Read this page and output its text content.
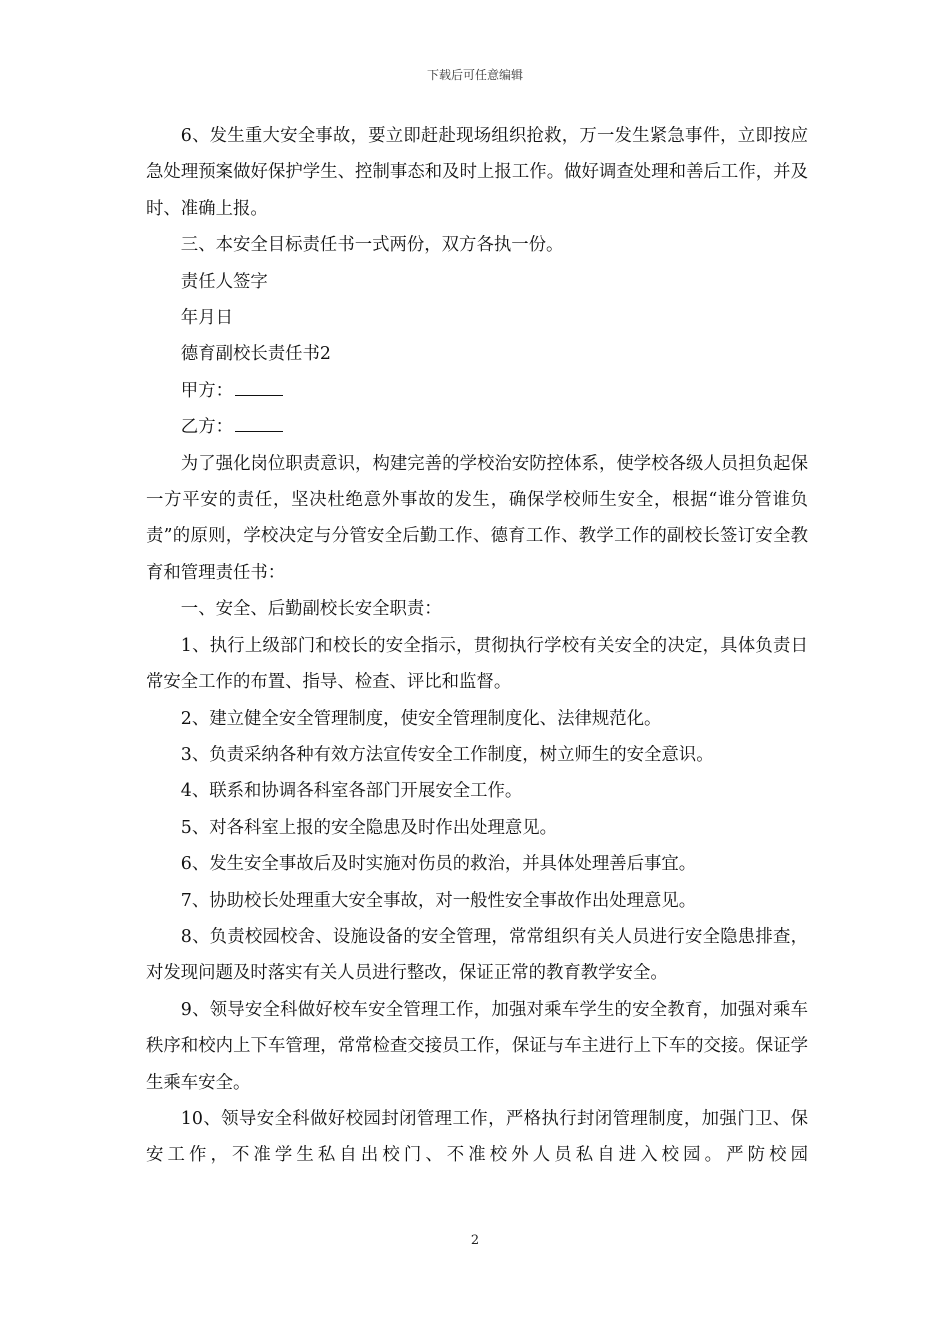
下载后可任意编辑

6、发生重大安全事故，要立即赶赴现场组织抢救，万一发生紧急事件，立即按应急处理预案做好保护学生、控制事态和及时上报工作。做好调查处理和善后工作，并及时、准确上报。

三、本安全目标责任书一式两份，双方各执一份。

责任人签字

年月日

德育副校长责任书2

甲方：

乙方：

为了强化岗位职责意识，构建完善的学校治安防控体系，使学校各级人员担负起保一方平安的责任，坚决杜绝意外事故的发生，确保学校师生安全，根据“谁分管谁负责”的原则，学校决定与分管安全后勤工作、德育工作、教学工作的副校长签订安全教育和管理责任书：

一、安全、后勤副校长安全职责：

1、执行上级部门和校长的安全指示，贯彻执行学校有关安全的决定，具体负责日常安全工作的布置、指导、检查、评比和监督。

2、建立健全安全管理制度，使安全管理制度化、法律规范化。

3、负责采纳各种有效方法宣传安全工作制度，树立师生的安全意识。

4、联系和协调各科室各部门开展安全工作。

5、对各科室上报的安全隐患及时作出处理意见。

6、发生安全事故后及时实施对伤员的救治，并具体处理善后事宜。

7、协助校长处理重大安全事故，对一般性安全事故作出处理意见。

8、负责校园校舍、设施设备的安全管理，常常组织有关人员进行安全隐患排查，对发现问题及时落实有关人员进行整改，保证正常的教育教学安全。

9、领导安全科做好校车安全管理工作，加强对乘车学生的安全教育，加强对乘车秩序和校内上下车管理，常常检查交接员工作，保证与车主进行上下车的交接。保证学生乘车安全。

10、领导安全科做好校园封闭管理工作，严格执行封闭管理制度，加强门卫、保安工作，不准学生私自出校门、不准校外人员私自进入校园。严防校园

2
